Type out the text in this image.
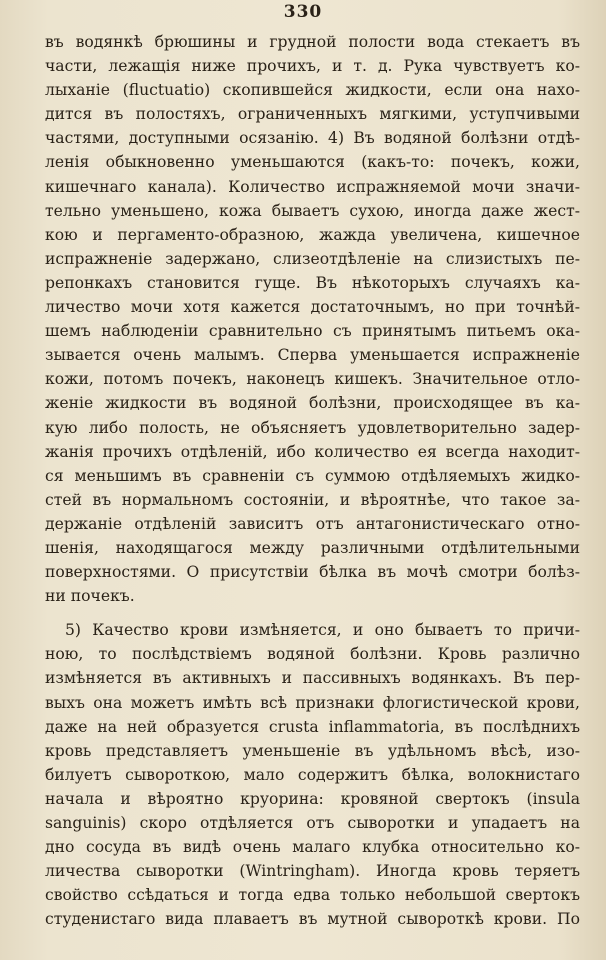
330
въ водянкѣ брюшины и грудной полости вода стекаетъ въ
части, лежащія ниже прочихъ, и т. д. Рука чувствуетъ ко-
лыханіе (fluctuatio) скопившейся жидкости, если она нахо-
дится въ полостяхъ, ограниченныхъ мягкими, уступчивыми
частями, доступными осязанію. 4) Въ водяной болѣзни отдѣ-
ленія обыкновенно уменьшаются (какъ-то: почекъ, кожи,
кишечнаго канала). Количество испражняемой мочи значи-
тельно уменьшено, кожа бываетъ сухою, иногда даже жест-
кою и пергаменто-образною, жажда увеличена, кишечное
испражненіе задержано, слизеотдѣленіе на слизистыхъ пе-
репонкахъ становится гуще. Въ нѣкоторыхъ случаяхъ ка-
личество мочи хотя кажется достаточнымъ, но при точнѣй-
шемъ наблюденіи сравнительно съ принятымъ питьемъ ока-
зывается очень малымъ. Сперва уменьшается испражненіе
кожи, потомъ почекъ, наконецъ кишекъ. Значительное отло-
женіе жидкости въ водяной болѣзни, происходящее въ ка-
кую либо полость, не объясняетъ удовлетворительно задер-
жанія прочихъ отдѣленій, ибо количество ея всегда находит-
ся меньшимъ въ сравненіи съ суммою отдѣляемыхъ жидко-
стей въ нормальномъ состояніи, и вѣроятнѣе, что такое за-
держаніе отдѣленій зависитъ отъ антагонистическаго отно-
шенія, находящагося между различными отдѣлительными
поверхностями. О присутствіи бѣлка въ мочѣ смотри болѣз-
ни почекъ.
5) Качество крови измѣняется, и оно бываетъ то причи-
ною, то послѣдствіемъ водяной болѣзни. Кровь различно
измѣняется въ активныхъ и пассивныхъ водянкахъ. Въ пер-
выхъ она можетъ имѣть всѣ признаки флогистической крови,
даже на ней образуется crusta inflammatoria, въ послѣднихъ
кровь представляетъ уменьшеніе въ удѣльномъ вѣсѣ, изо-
билуетъ сывороткою, мало содержитъ бѣлка, волокнистаго
начала и вѣроятно круорина: кровяной свертокъ (insula
sanguinis) скоро отдѣляется отъ сыворотки и упадаетъ на
дно сосуда въ видѣ очень малаго клубка относительно ко-
личества сыворотки (Wintringham). Иногда кровь теряетъ
свойство ссѣдаться и тогда едва только небольшой свертокъ
студенистаго вида плаваетъ въ мутной сывороткѣ крови. По
